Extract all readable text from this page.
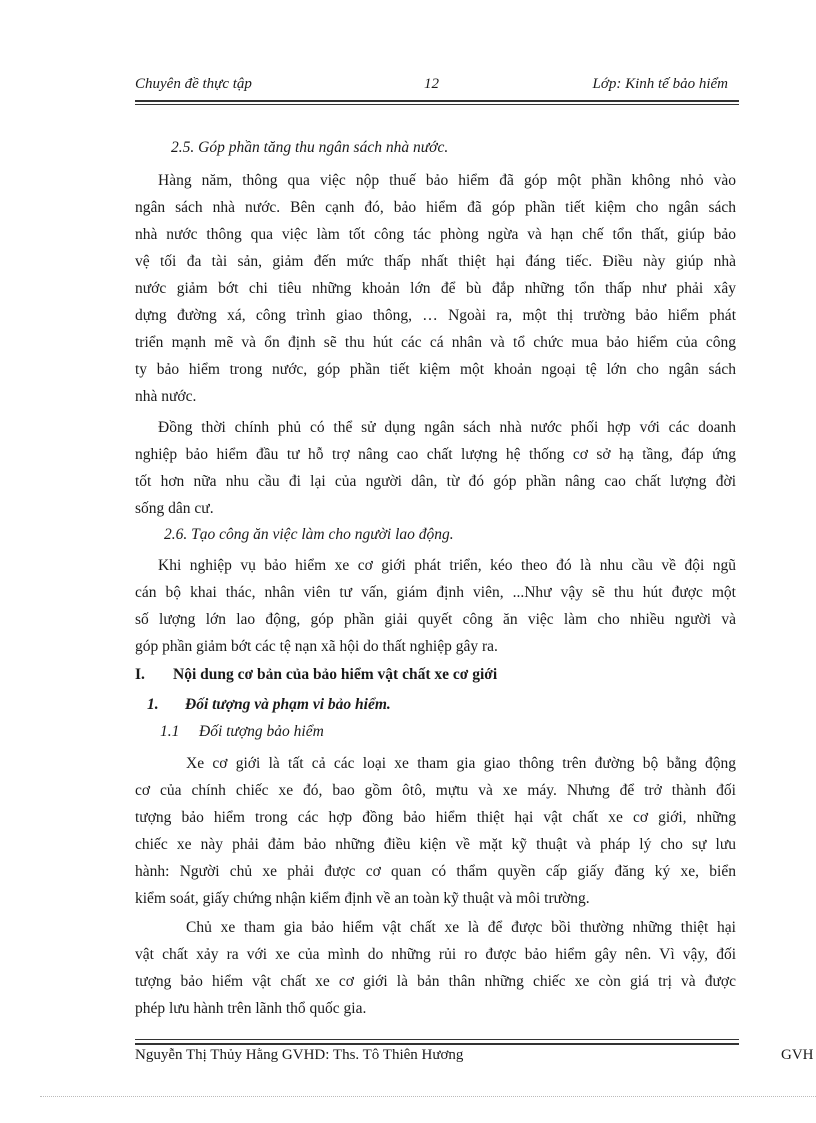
Chuyên đề thực tập	12	Lớp: Kinh tế bảo hiểm
2.5. Góp phần tăng thu ngân sách nhà nước.
Hàng năm, thông qua việc nộp thuế bảo hiểm đã góp một phần không nhỏ vào
ngân sách nhà nước. Bên cạnh đó, bảo hiểm đã góp phần tiết kiệm cho ngân sách
nhà nước thông qua việc làm tốt công tác phòng ngừa và hạn chế tổn thất, giúp bảo
vệ tối đa tài sản, giảm đến mức thấp nhất thiệt hại đáng tiếc. Điều này giúp nhà
nước giảm bớt chi tiêu những khoản lớn để bù đắp những tổn thấp như phải xây
dựng đường xá, công trình giao thông, … Ngoài ra, một thị trường bảo hiểm phát
triển mạnh mẽ và ổn định sẽ thu hút các cá nhân và tổ chức mua bảo hiểm của công
ty bảo hiểm trong nước, góp phần tiết kiệm một khoản ngoại tệ lớn cho ngân sách
nhà nước.
Đồng thời chính phủ có thể sử dụng ngân sách nhà nước phối hợp với các doanh
nghiệp bảo hiểm đầu tư hỗ trợ nâng cao chất lượng hệ thống cơ sở hạ tầng, đáp ứng
tốt hơn nữa nhu cầu đi lại của người dân, từ đó góp phần nâng cao chất lượng đời
sống dân cư.
2.6. Tạo công ăn việc làm cho người lao động.
Khi nghiệp vụ bảo hiểm xe cơ giới phát triển, kéo theo đó là nhu cầu về đội ngũ
cán bộ khai thác, nhân viên tư vấn, giám định viên, ...Như vậy sẽ thu hút được một
số lượng lớn lao động, góp phần giải quyết công ăn việc làm cho nhiều người và
góp phần giảm bớt các tệ nạn xã hội do thất nghiệp gây ra.
I. Nội dung cơ bản của bảo hiểm vật chất xe cơ giới
1. Đối tượng và phạm vi bảo hiểm.
1.1 Đối tượng bảo hiểm
Xe cơ giới là tất cả các loại xe tham gia giao thông trên đường bộ bằng động
cơ của chính chiếc xe đó, bao gồm ôtô, mựtu và xe máy. Nhưng để trở thành đối
tượng bảo hiểm trong các hợp đồng bảo hiểm thiệt hại vật chất xe cơ giới, những
chiếc xe này phải đảm bảo những điều kiện về mặt kỹ thuật và pháp lý cho sự lưu
hành: Người chủ xe phải được cơ quan có thẩm quyền cấp giấy đăng ký xe, biển
kiểm soát, giấy chứng nhận kiểm định về an toàn kỹ thuật và môi trường.
Chủ xe tham gia bảo hiểm vật chất xe là để được bồi thường những thiệt hại
vật chất xảy ra với xe của mình do những rủi ro được bảo hiểm gây nên. Vì vậy, đối
tượng bảo hiểm vật chất xe cơ giới là bản thân những chiếc xe còn giá trị và được
phép lưu hành trên lãnh thổ quốc gia.
Nguyễn Thị Thủy Hằng GVHD: Ths. Tô Thiên Hương	GVH
